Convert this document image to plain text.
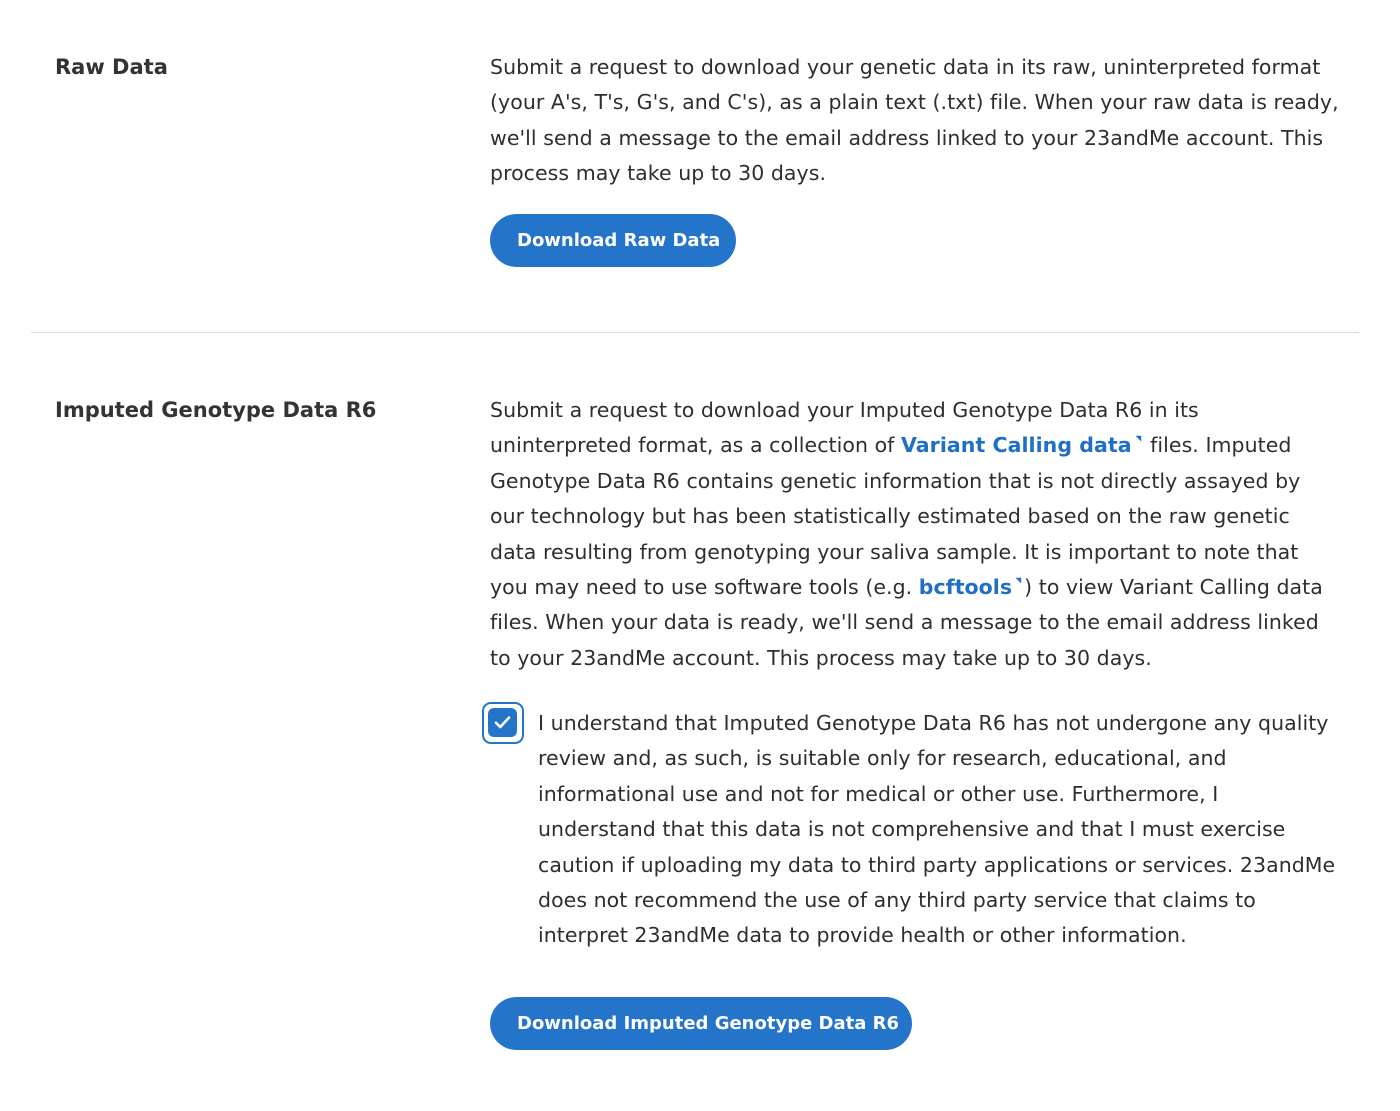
Raw Data	Submit a request to download your genetic data in its raw, uninterpreted format
(your A's, T's, G's, and C's), as a plain text (.txt) file. When your raw data is ready,
we'll send a message to the email address linked to your 23andMe account. This
process may take up to 30 days.

Download Raw Data
Imputed Genotype Data R6	Submit a request to download your Imputed Genotype Data R6 in its
uninterpreted format, as a collection of Variant Calling data files. Imputed
Genotype Data R6 contains genetic information that is not directly assayed by
our technology but has been statistically estimated based on the raw genetic
data resulting from genotyping your saliva sample. It is important to note that
you may need to use software tools (e.g. bcftools ) to view Variant Calling data
files. When your data is ready, we'll send a message to the email address linked
to your 23andMe account. This process may take up to 30 days.

I understand that Imputed Genotype Data R6 has not undergone any quality
review and, as such, is suitable only for research, educational, and
informational use and not for medical or other use. Furthermore, I
understand that this data is not comprehensive and that I must exercise
caution if uploading my data to third party applications or services. 23andMe
does not recommend the use of any third party service that claims to
interpret 23andMe data to provide health or other information.

Download Imputed Genotype Data R6
